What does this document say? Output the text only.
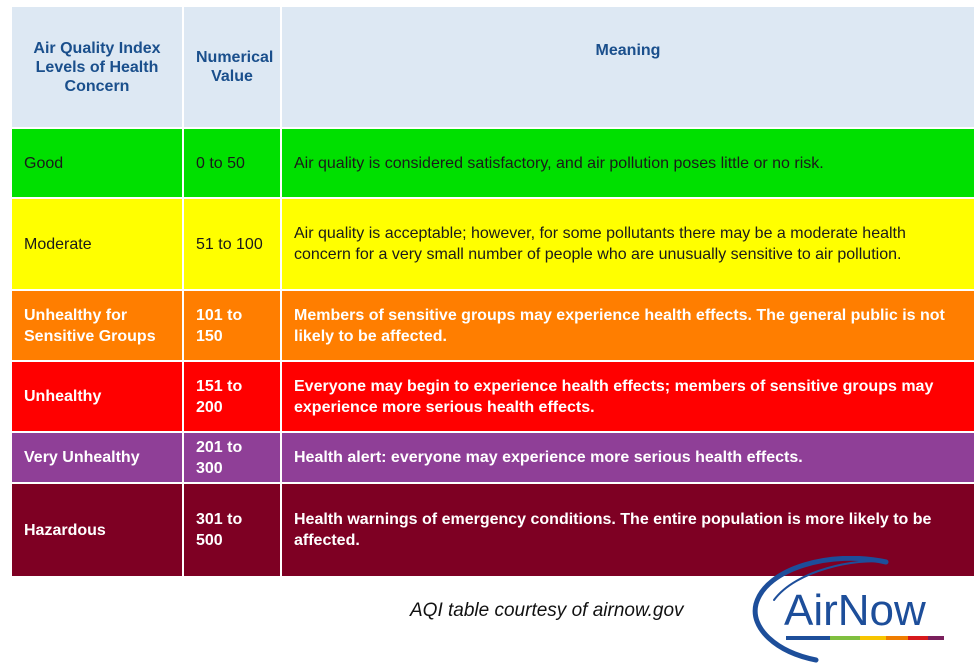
Air Quality Index Levels of Health Concern	Numerical Value	Meaning
Good	0 to 50	Air quality is considered satisfactory, and air pollution poses little or no risk.
Moderate	51 to 100	Air quality is acceptable; however, for some pollutants there may be a moderate health concern for a very small number of people who are unusually sensitive to air pollution.
Unhealthy for Sensitive Groups	101 to 150	Members of sensitive groups may experience health effects. The general public is not likely to be affected.
Unhealthy	151 to 200	Everyone may begin to experience health effects; members of sensitive groups may experience more serious health effects.
Very Unhealthy	201 to 300	Health alert: everyone may experience more serious health effects.
Hazardous	301 to 500	Health warnings of emergency conditions. The entire population is more likely to be affected.
AQI table courtesy of airnow.gov AirNow
